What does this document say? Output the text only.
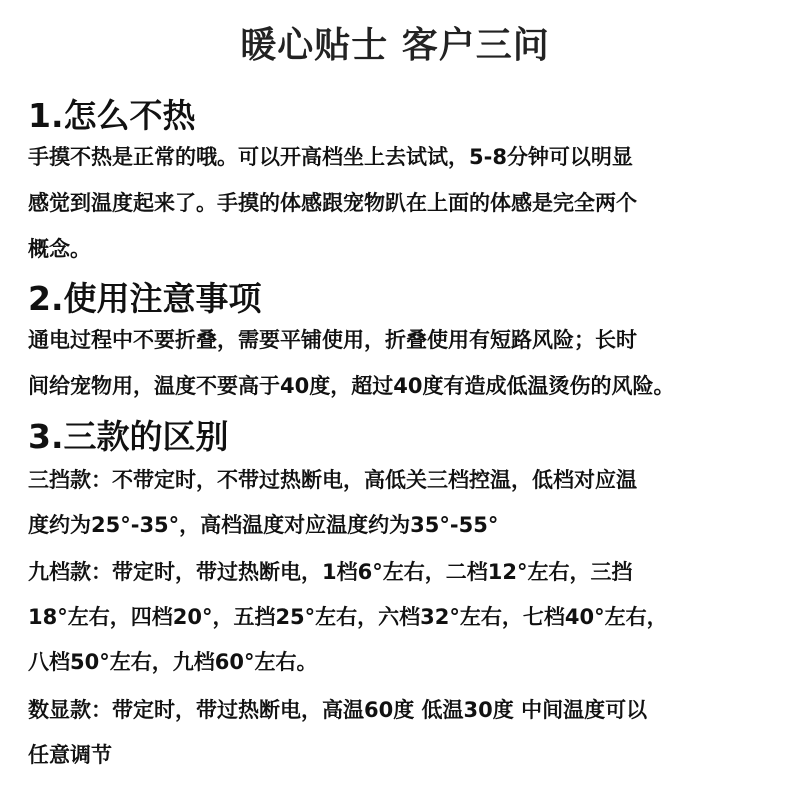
暖心贴士 客户三问
1.怎么不热
手摸不热是正常的哦。可以开高档坐上去试试，5-8分钟可以明显
感觉到温度起来了。手摸的体感跟宠物趴在上面的体感是完全两个
概念。
2.使用注意事项
通电过程中不要折叠，需要平铺使用，折叠使用有短路风险；长时
间给宠物用，温度不要高于40度，超过40度有造成低温烫伤的风险。
3.三款的区别
三挡款：不带定时，不带过热断电，高低关三档控温，低档对应温
度约为25°-35°，高档温度对应温度约为35°-55°
九档款：带定时，带过热断电，1档6°左右，二档12°左右，三挡
18°左右，四档20°，五挡25°左右，六档32°左右，七档40°左右，
八档50°左右，九档60°左右。
数显款：带定时，带过热断电，高温60度 低温30度 中间温度可以
任意调节
